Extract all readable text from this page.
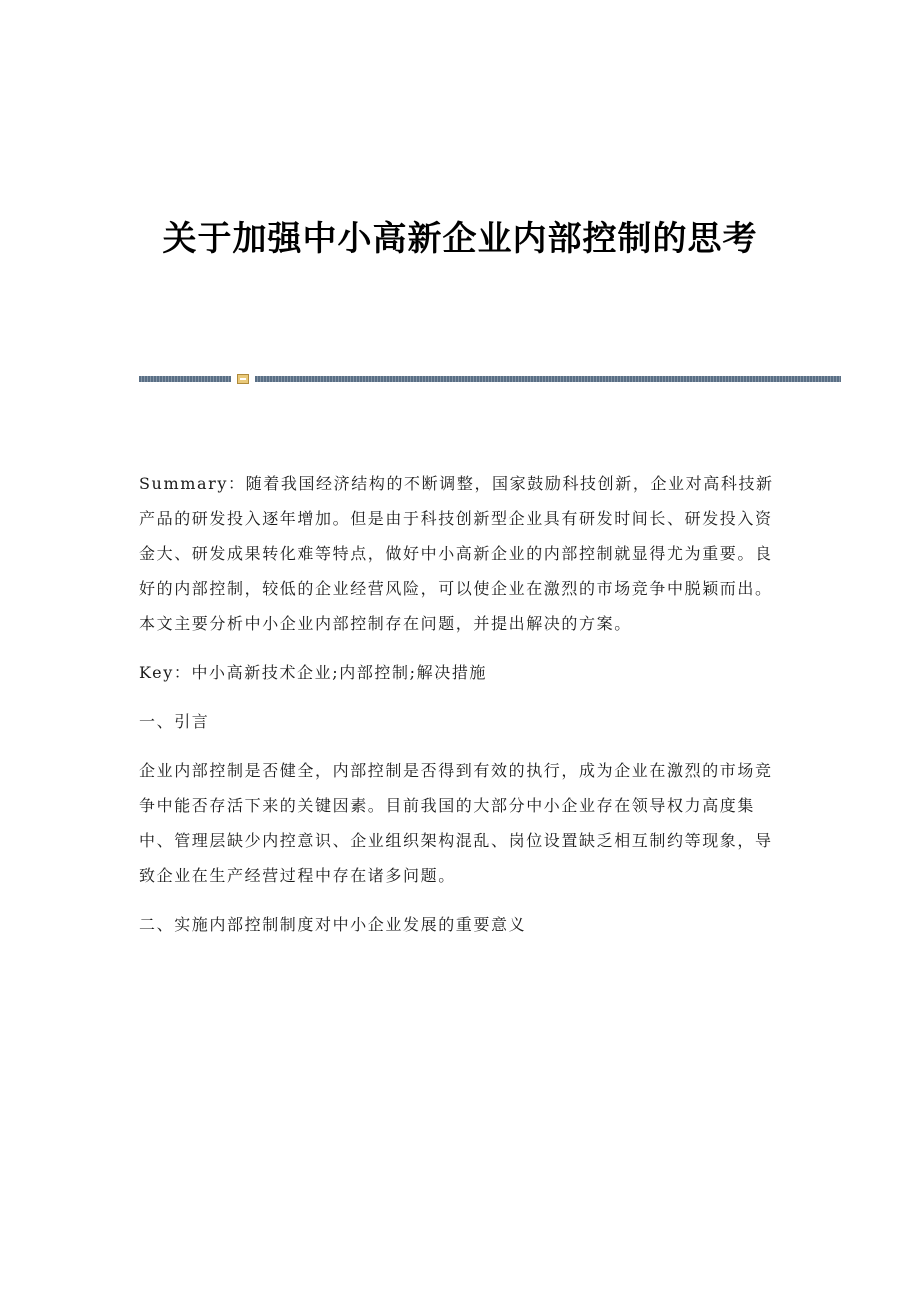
关于加强中小高新企业内部控制的思考

Summary：随着我国经济结构的不断调整，国家鼓励科技创新，企业对高科技新产品的研发投入逐年增加。但是由于科技创新型企业具有研发时间长、研发投入资金大、研发成果转化难等特点，做好中小高新企业的内部控制就显得尤为重要。良好的内部控制，较低的企业经营风险，可以使企业在激烈的市场竞争中脱颖而出。本文主要分析中小企业内部控制存在问题，并提出解决的方案。

Key：中小高新技术企业;内部控制;解决措施

一、引言

企业内部控制是否健全，内部控制是否得到有效的执行，成为企业在激烈的市场竞争中能否存活下来的关键因素。目前我国的大部分中小企业存在领导权力高度集中、管理层缺少内控意识、企业组织架构混乱、岗位设置缺乏相互制约等现象，导致企业在生产经营过程中存在诸多问题。

二、实施内部控制制度对中小企业发展的重要意义
